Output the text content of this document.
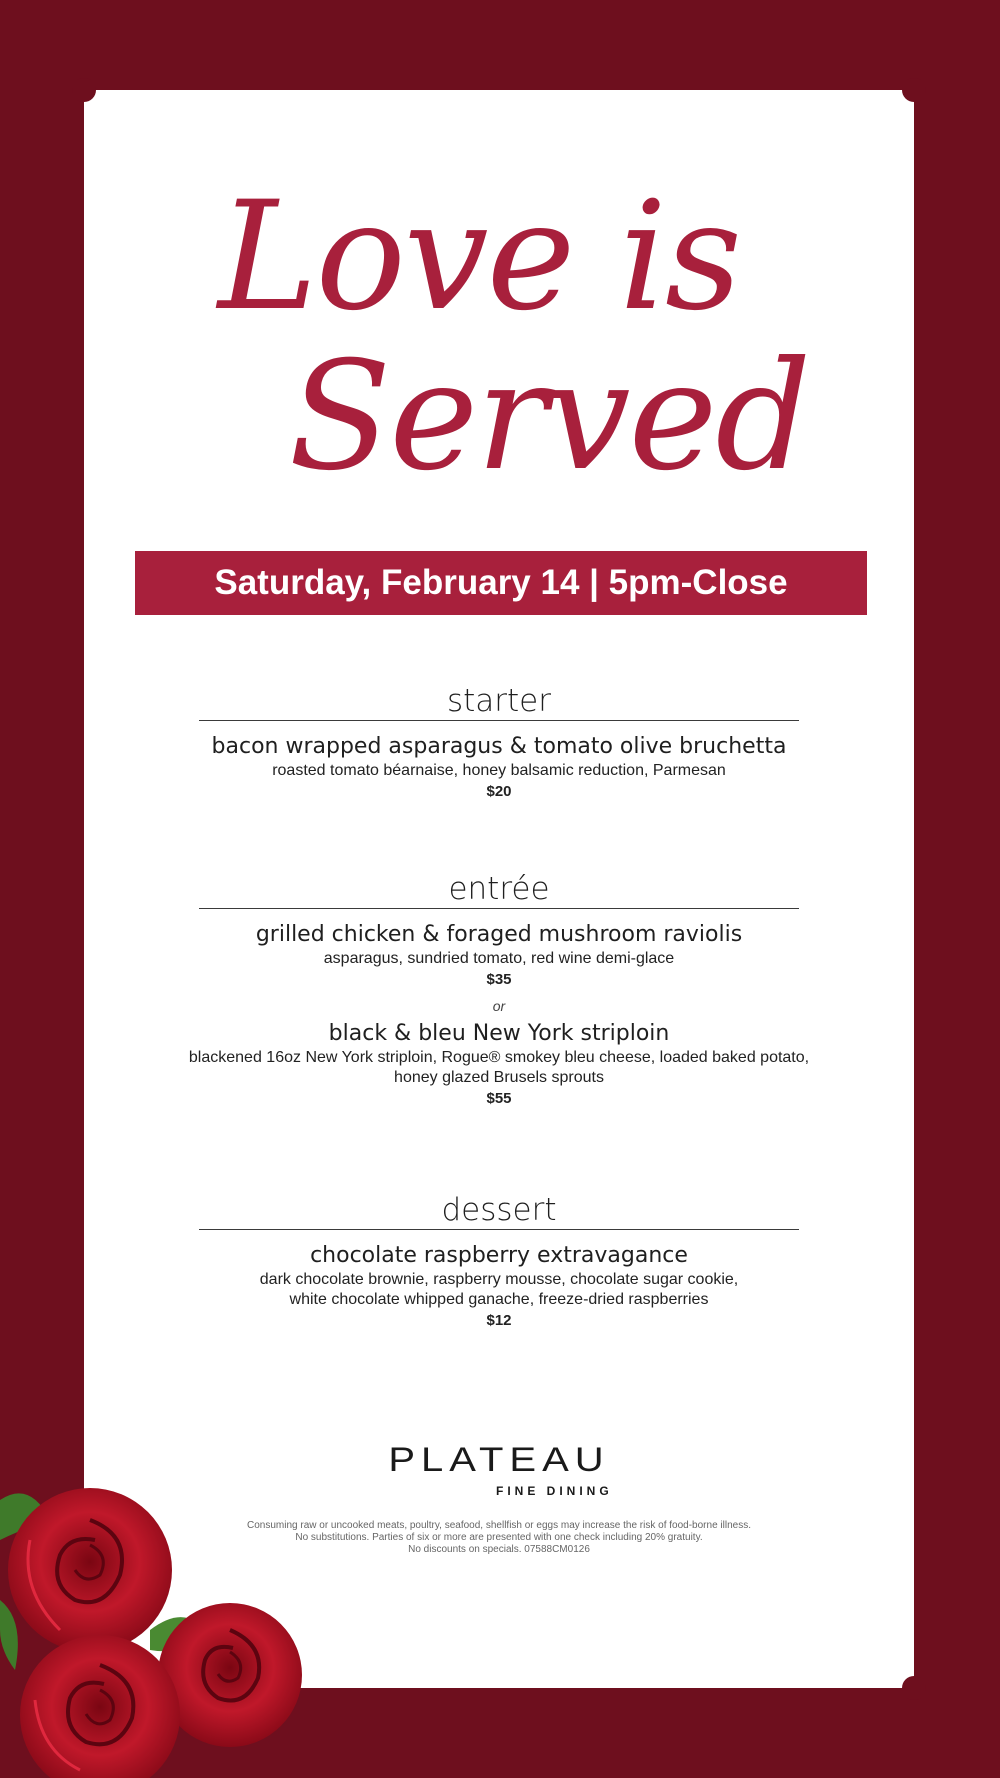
Love is
Served
Saturday, February 14 | 5pm-Close
starter
bacon wrapped asparagus & tomato olive bruchetta
roasted tomato béarnaise, honey balsamic reduction, Parmesan
$20
entrée
grilled chicken & foraged mushroom raviolis
asparagus, sundried tomato, red wine demi-glace
$35
or
black & bleu New York striploin
blackened 16oz New York striploin, Rogue® smokey bleu cheese, loaded baked potato,
honey glazed Brusels sprouts
$55
dessert
chocolate raspberry extravagance
dark chocolate brownie, raspberry mousse, chocolate sugar cookie,
white chocolate whipped ganache, freeze-dried raspberries
$12
PLATEAU
FINE DINING
Consuming raw or uncooked meats, poultry, seafood, shellfish or eggs may increase the risk of food-borne illness.
No substitutions. Parties of six or more are presented with one check including 20% gratuity.
No discounts on specials. 07588CM0126
